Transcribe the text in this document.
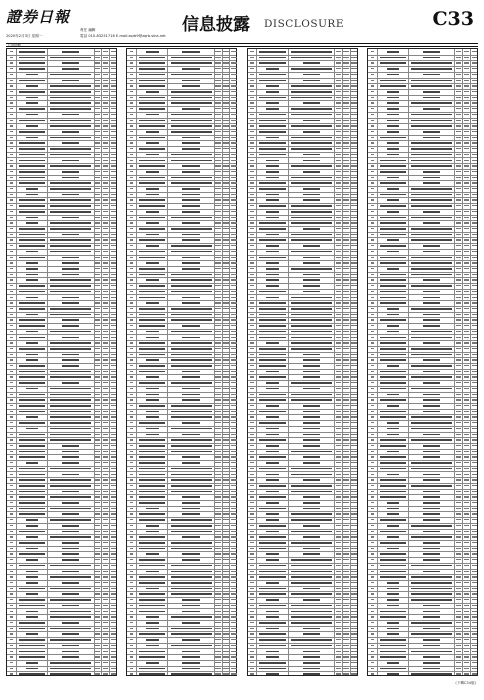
證券日報
2020年2月3日 星期一
責任 編輯
電話 010-83251716 E-mail:zqrb9@zqrb.sina.net
信息披露 DISCLOSURE	C33
上證指數
(下轉C34版)
